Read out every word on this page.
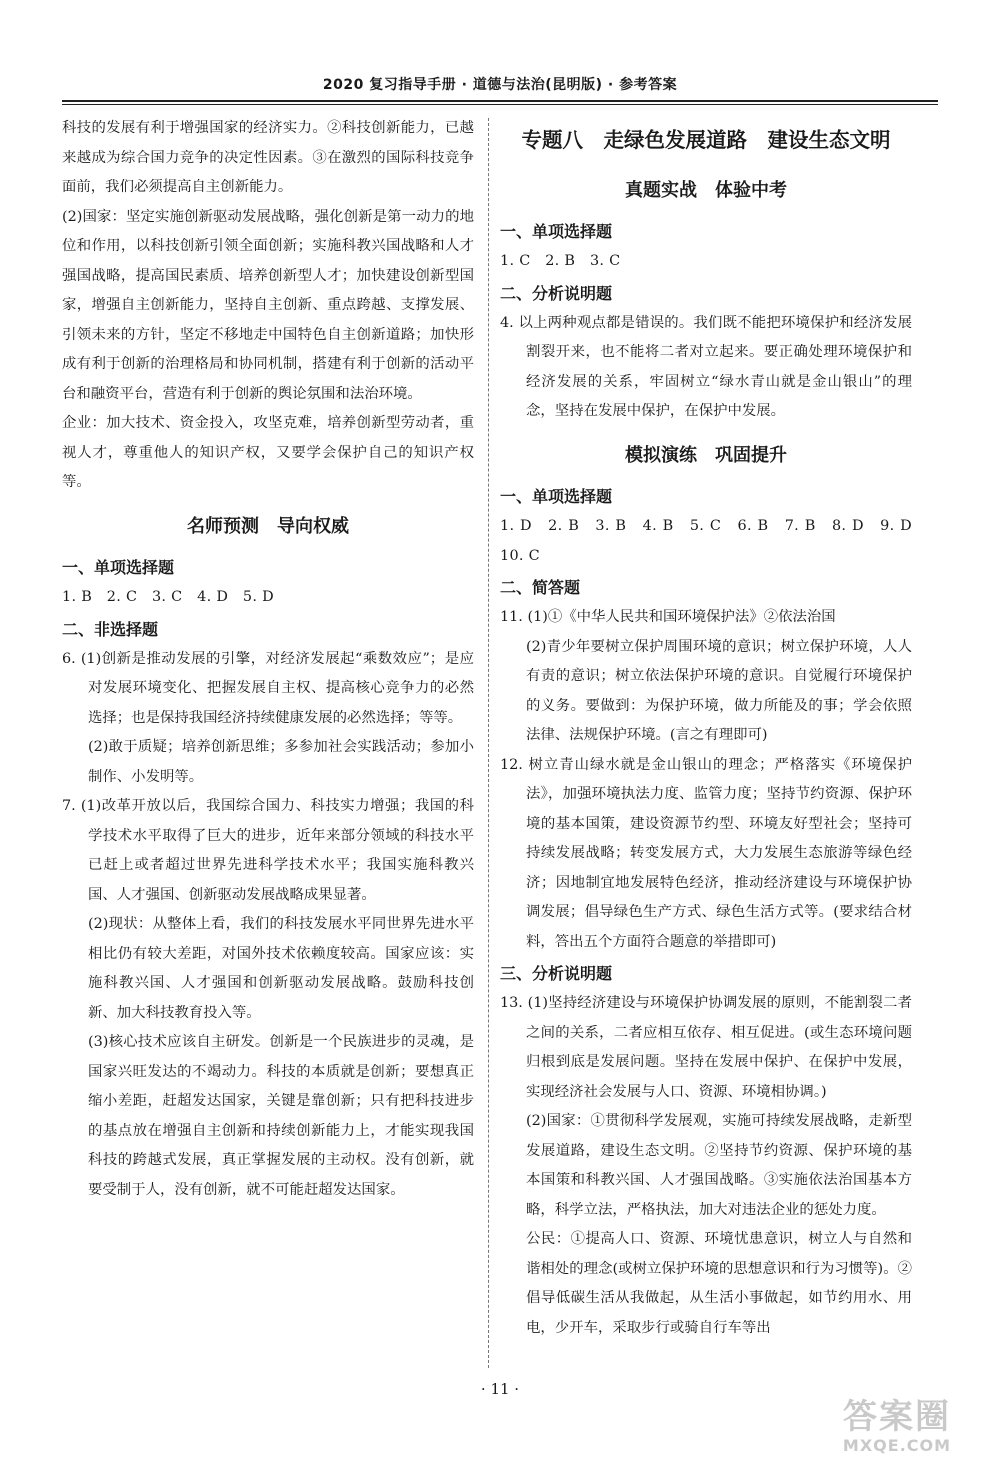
2020 复习指导手册 · 道德与法治(昆明版) · 参考答案

科技的发展有利于增强国家的经济实力。②科技创新能力，已越来越成为综合国力竞争的决定性因素。③在激烈的国际科技竞争面前，我们必须提高自主创新能力。

(2)国家：坚定实施创新驱动发展战略，强化创新是第一动力的地位和作用，以科技创新引领全面创新；实施科教兴国战略和人才强国战略，提高国民素质、培养创新型人才；加快建设创新型国家，增强自主创新能力，坚持自主创新、重点跨越、支撑发展、引领未来的方针，坚定不移地走中国特色自主创新道路；加快形成有利于创新的治理格局和协同机制，搭建有利于创新的活动平台和融资平台，营造有利于创新的舆论氛围和法治环境。

企业：加大技术、资金投入，攻坚克难，培养创新型劳动者，重视人才，尊重他人的知识产权，又要学会保护自己的知识产权等。

名师预测　导向权威
一、单项选择题

1. B　2. C　3. C　4. D　5. D

二、非选择题

6. (1)创新是推动发展的引擎，对经济发展起“乘数效应”；是应对发展环境变化、把握发展自主权、提高核心竞争力的必然选择；也是保持我国经济持续健康发展的必然选择；等等。

(2)敢于质疑；培养创新思维；多参加社会实践活动；参加小制作、小发明等。

7. (1)改革开放以后，我国综合国力、科技实力增强；我国的科学技术水平取得了巨大的进步，近年来部分领域的科技水平已赶上或者超过世界先进科学技术水平；我国实施科教兴国、人才强国、创新驱动发展战略成果显著。

(2)现状：从整体上看，我们的科技发展水平同世界先进水平相比仍有较大差距，对国外技术依赖度较高。国家应该：实施科教兴国、人才强国和创新驱动发展战略。鼓励科技创新、加大科技教育投入等。

(3)核心技术应该自主研发。创新是一个民族进步的灵魂，是国家兴旺发达的不竭动力。科技的本质就是创新；要想真正缩小差距，赶超发达国家，关键是靠创新；只有把科技进步的基点放在增强自主创新和持续创新能力上，才能实现我国科技的跨越式发展，真正掌握发展的主动权。没有创新，就要受制于人，没有创新，就不可能赶超发达国家。

专题八　走绿色发展道路　建设生态文明
真题实战　体验中考
一、单项选择题

1. C　2. B　3. C

二、分析说明题

4. 以上两种观点都是错误的。我们既不能把环境保护和经济发展割裂开来，也不能将二者对立起来。要正确处理环境保护和经济发展的关系，牢固树立“绿水青山就是金山银山”的理念，坚持在发展中保护，在保护中发展。

模拟演练　巩固提升
一、单项选择题

1. D　2. B　3. B　4. B　5. C　6. B　7. B　8. D　9. D　10. C

二、简答题

11. (1)①《中华人民共和国环境保护法》②依法治国

(2)青少年要树立保护周围环境的意识；树立保护环境，人人有责的意识；树立依法保护环境的意识。自觉履行环境保护的义务。要做到：为保护环境，做力所能及的事；学会依照法律、法规保护环境。(言之有理即可)

12. 树立青山绿水就是金山银山的理念；严格落实《环境保护法》，加强环境执法力度、监管力度；坚持节约资源、保护环境的基本国策，建设资源节约型、环境友好型社会；坚持可持续发展战略；转变发展方式，大力发展生态旅游等绿色经济；因地制宜地发展特色经济，推动经济建设与环境保护协调发展；倡导绿色生产方式、绿色生活方式等。(要求结合材料，答出五个方面符合题意的举措即可)

三、分析说明题

13. (1)坚持经济建设与环境保护协调发展的原则，不能割裂二者之间的关系，二者应相互依存、相互促进。(或生态环境问题归根到底是发展问题。坚持在发展中保护、在保护中发展，实现经济社会发展与人口、资源、环境相协调。)

(2)国家：①贯彻科学发展观，实施可持续发展战略，走新型发展道路，建设生态文明。②坚持节约资源、保护环境的基本国策和科教兴国、人才强国战略。③实施依法治国基本方略，科学立法，严格执法，加大对违法企业的惩处力度。

公民：①提高人口、资源、环境忧患意识，树立人与自然和谐相处的理念(或树立保护环境的思想意识和行为习惯等)。②倡导低碳生活从我做起，从生活小事做起，如节约用水、用电，少开车，采取步行或骑自行车等出

· 11 ·
答案圈
MXQE.COM
